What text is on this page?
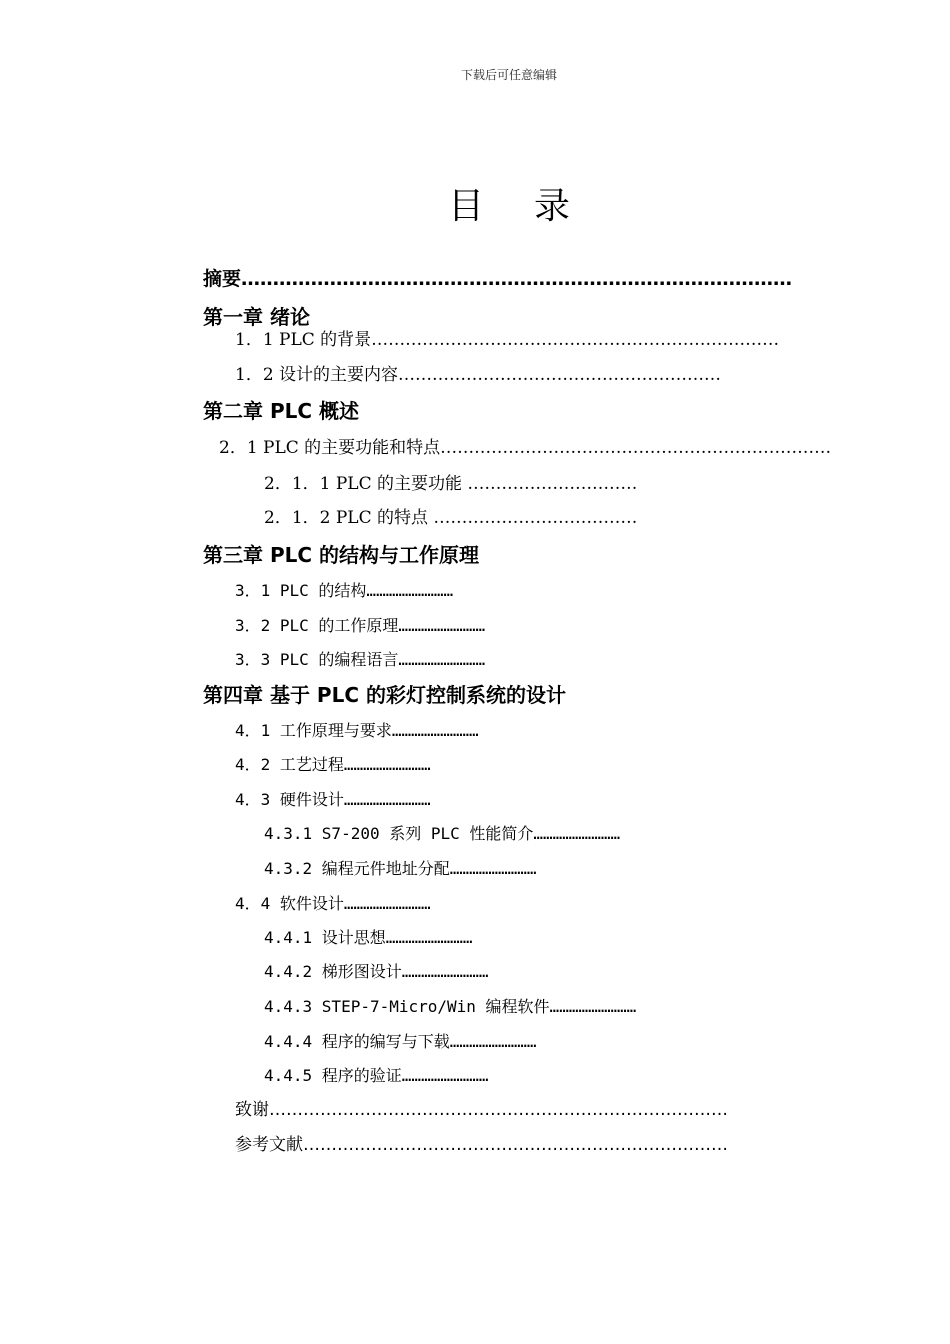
下载后可任意编辑
目录
摘要……………………………………………………………………………
第一章 绪论
1．1 PLC 的背景………………………………………………………………
1．2 设计的主要内容…………………………………………………
第二章 PLC 概述
2．1 PLC 的主要功能和特点……………………………………………………………
2．1．1 PLC 的主要功能 …………………………
2．1．2 PLC 的特点 ………………………………
第三章 PLC 的结构与工作原理
3．1 PLC 的结构………………………
3．2 PLC 的工作原理………………………
3．3 PLC 的编程语言………………………
第四章 基于 PLC 的彩灯控制系统的设计
4．1 工作原理与要求………………………
4．2 工艺过程………………………
4．3 硬件设计………………………
4.3.1 S7-200 系列 PLC 性能简介………………………
4.3.2 编程元件地址分配………………………
4．4 软件设计………………………
4.4.1 设计思想………………………
4.4.2 梯形图设计………………………
4.4.3 STEP-7-Micro/Win 编程软件………………………
4.4.4 程序的编写与下载………………………
4.4.5 程序的验证………………………
致谢………………………………………………………………………
参考文献…………………………………………………………………
